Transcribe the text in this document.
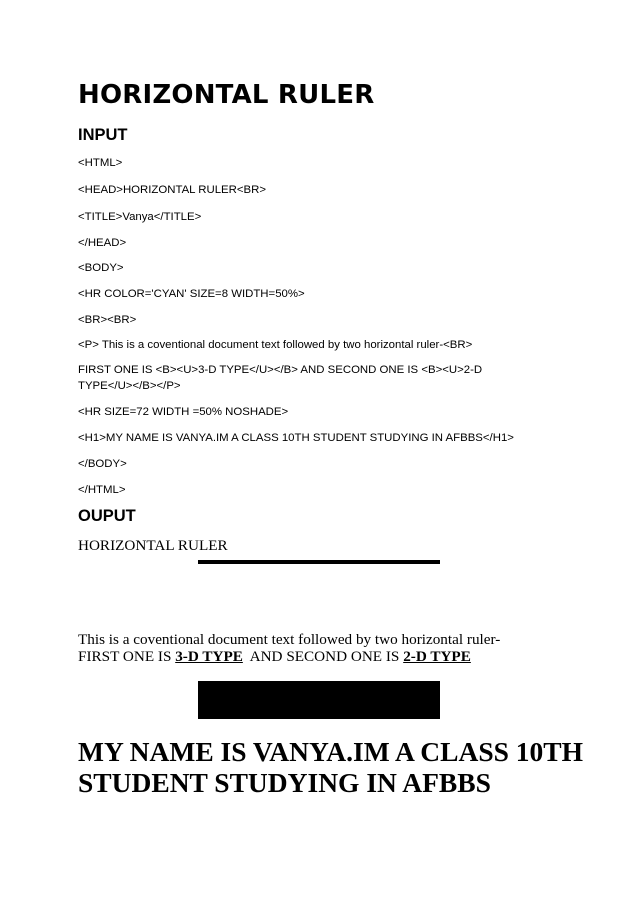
HORIZONTAL RULER

INPUT

<HTML>

<HEAD>HORIZONTAL RULER<BR>

<TITLE>Vanya</TITLE>

</HEAD>

<BODY>

<HR COLOR='CYAN' SIZE=8 WIDTH=50%>

<BR><BR>

<P> This is a coventional document text followed by two horizontal ruler-<BR>

FIRST ONE IS <B><U>3-D TYPE</U></B> AND SECOND ONE IS <B><U>2-D

TYPE</U></B></P>

<HR SIZE=72 WIDTH =50% NOSHADE>

<H1>MY NAME IS VANYA.IM A CLASS 10TH STUDENT STUDYING IN AFBBS</H1>

</BODY>

</HTML>

OUPUT

HORIZONTAL RULER

This is a coventional document text followed by two horizontal ruler-

FIRST ONE IS 3-D TYPE  AND SECOND ONE IS 2-D TYPE

MY NAME IS VANYA.IM A CLASS 10TH STUDENT STUDYING IN AFBBS
